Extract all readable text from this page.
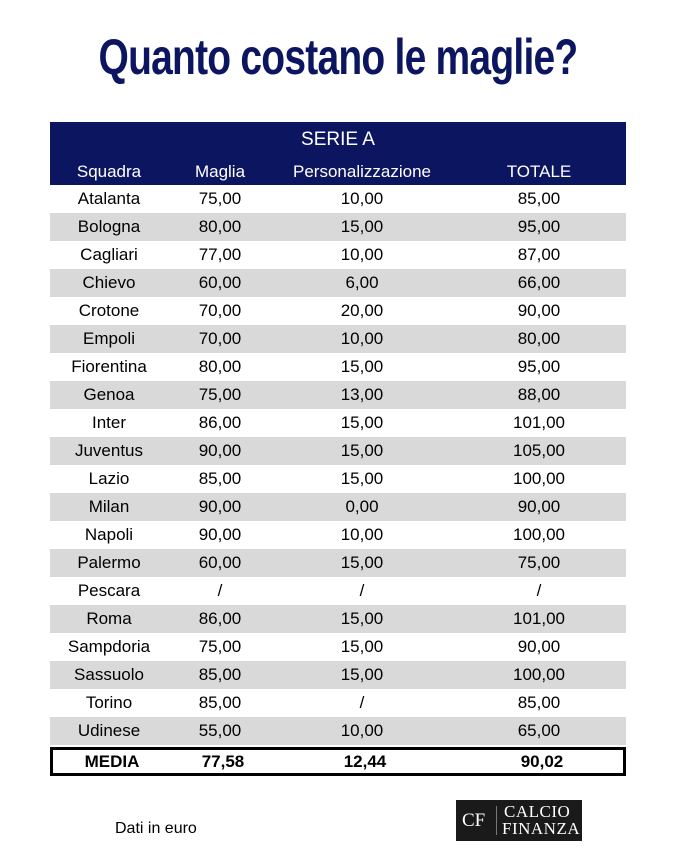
Quanto costano le maglie?
SERIE A
Squadra	Maglia	Personalizzazione	TOTALE
Atalanta	75,00	10,00	85,00
Bologna	80,00	15,00	95,00
Cagliari	77,00	10,00	87,00
Chievo	60,00	6,00	66,00
Crotone	70,00	20,00	90,00
Empoli	70,00	10,00	80,00
Fiorentina	80,00	15,00	95,00
Genoa	75,00	13,00	88,00
Inter	86,00	15,00	101,00
Juventus	90,00	15,00	105,00
Lazio	85,00	15,00	100,00
Milan	90,00	0,00	90,00
Napoli	90,00	10,00	100,00
Palermo	60,00	15,00	75,00
Pescara	/	/	/
Roma	86,00	15,00	101,00
Sampdoria	75,00	15,00	90,00
Sassuolo	85,00	15,00	100,00
Torino	85,00	/	85,00
Udinese	55,00	10,00	65,00
MEDIA	77,58	12,44	90,02
Dati in euro	CF CALCIO
FINANZA
